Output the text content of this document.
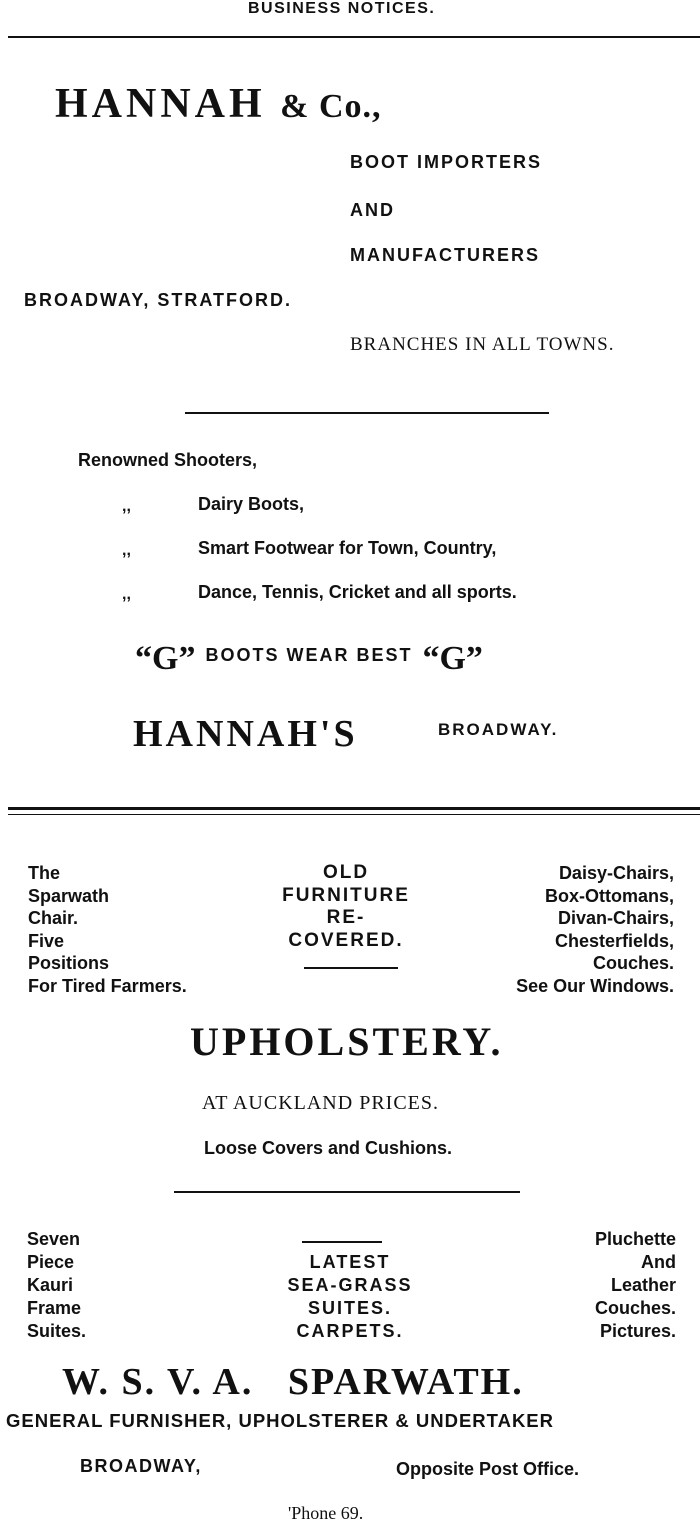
BUSINESS NOTICES.
HANNAH & Co.,
BOOT IMPORTERS
AND
MANUFACTURERS
BROADWAY, STRATFORD.
BRANCHES IN ALL TOWNS.
Renowned Shooters,
,,	Dairy Boots,
,,	Smart Footwear for Town, Country,
,,	Dance, Tennis, Cricket and all sports.
“G” BOOTS WEAR BEST “G”
HANNAH'S	BROADWAY.
The
Sparwath
Chair.
Five
Positions
For Tired Farmers.
OLD
FURNITURE
RE-
COVERED.
Daisy-Chairs,
Box-Ottomans,
Divan-Chairs,
Chesterfields,
Couches.
See Our Windows.
UPHOLSTERY.
AT AUCKLAND PRICES.
Loose Covers and Cushions.
Seven
Piece
Kauri
Frame
Suites.
LATEST
SEA-GRASS
SUITES.
CARPETS.
Pluchette
And
Leather
Couches.
Pictures.
W. S. V. A.   SPARWATH.
GENERAL FURNISHER, UPHOLSTERER & UNDERTAKER
BROADWAY,	Opposite Post Office.
'Phone 69.
